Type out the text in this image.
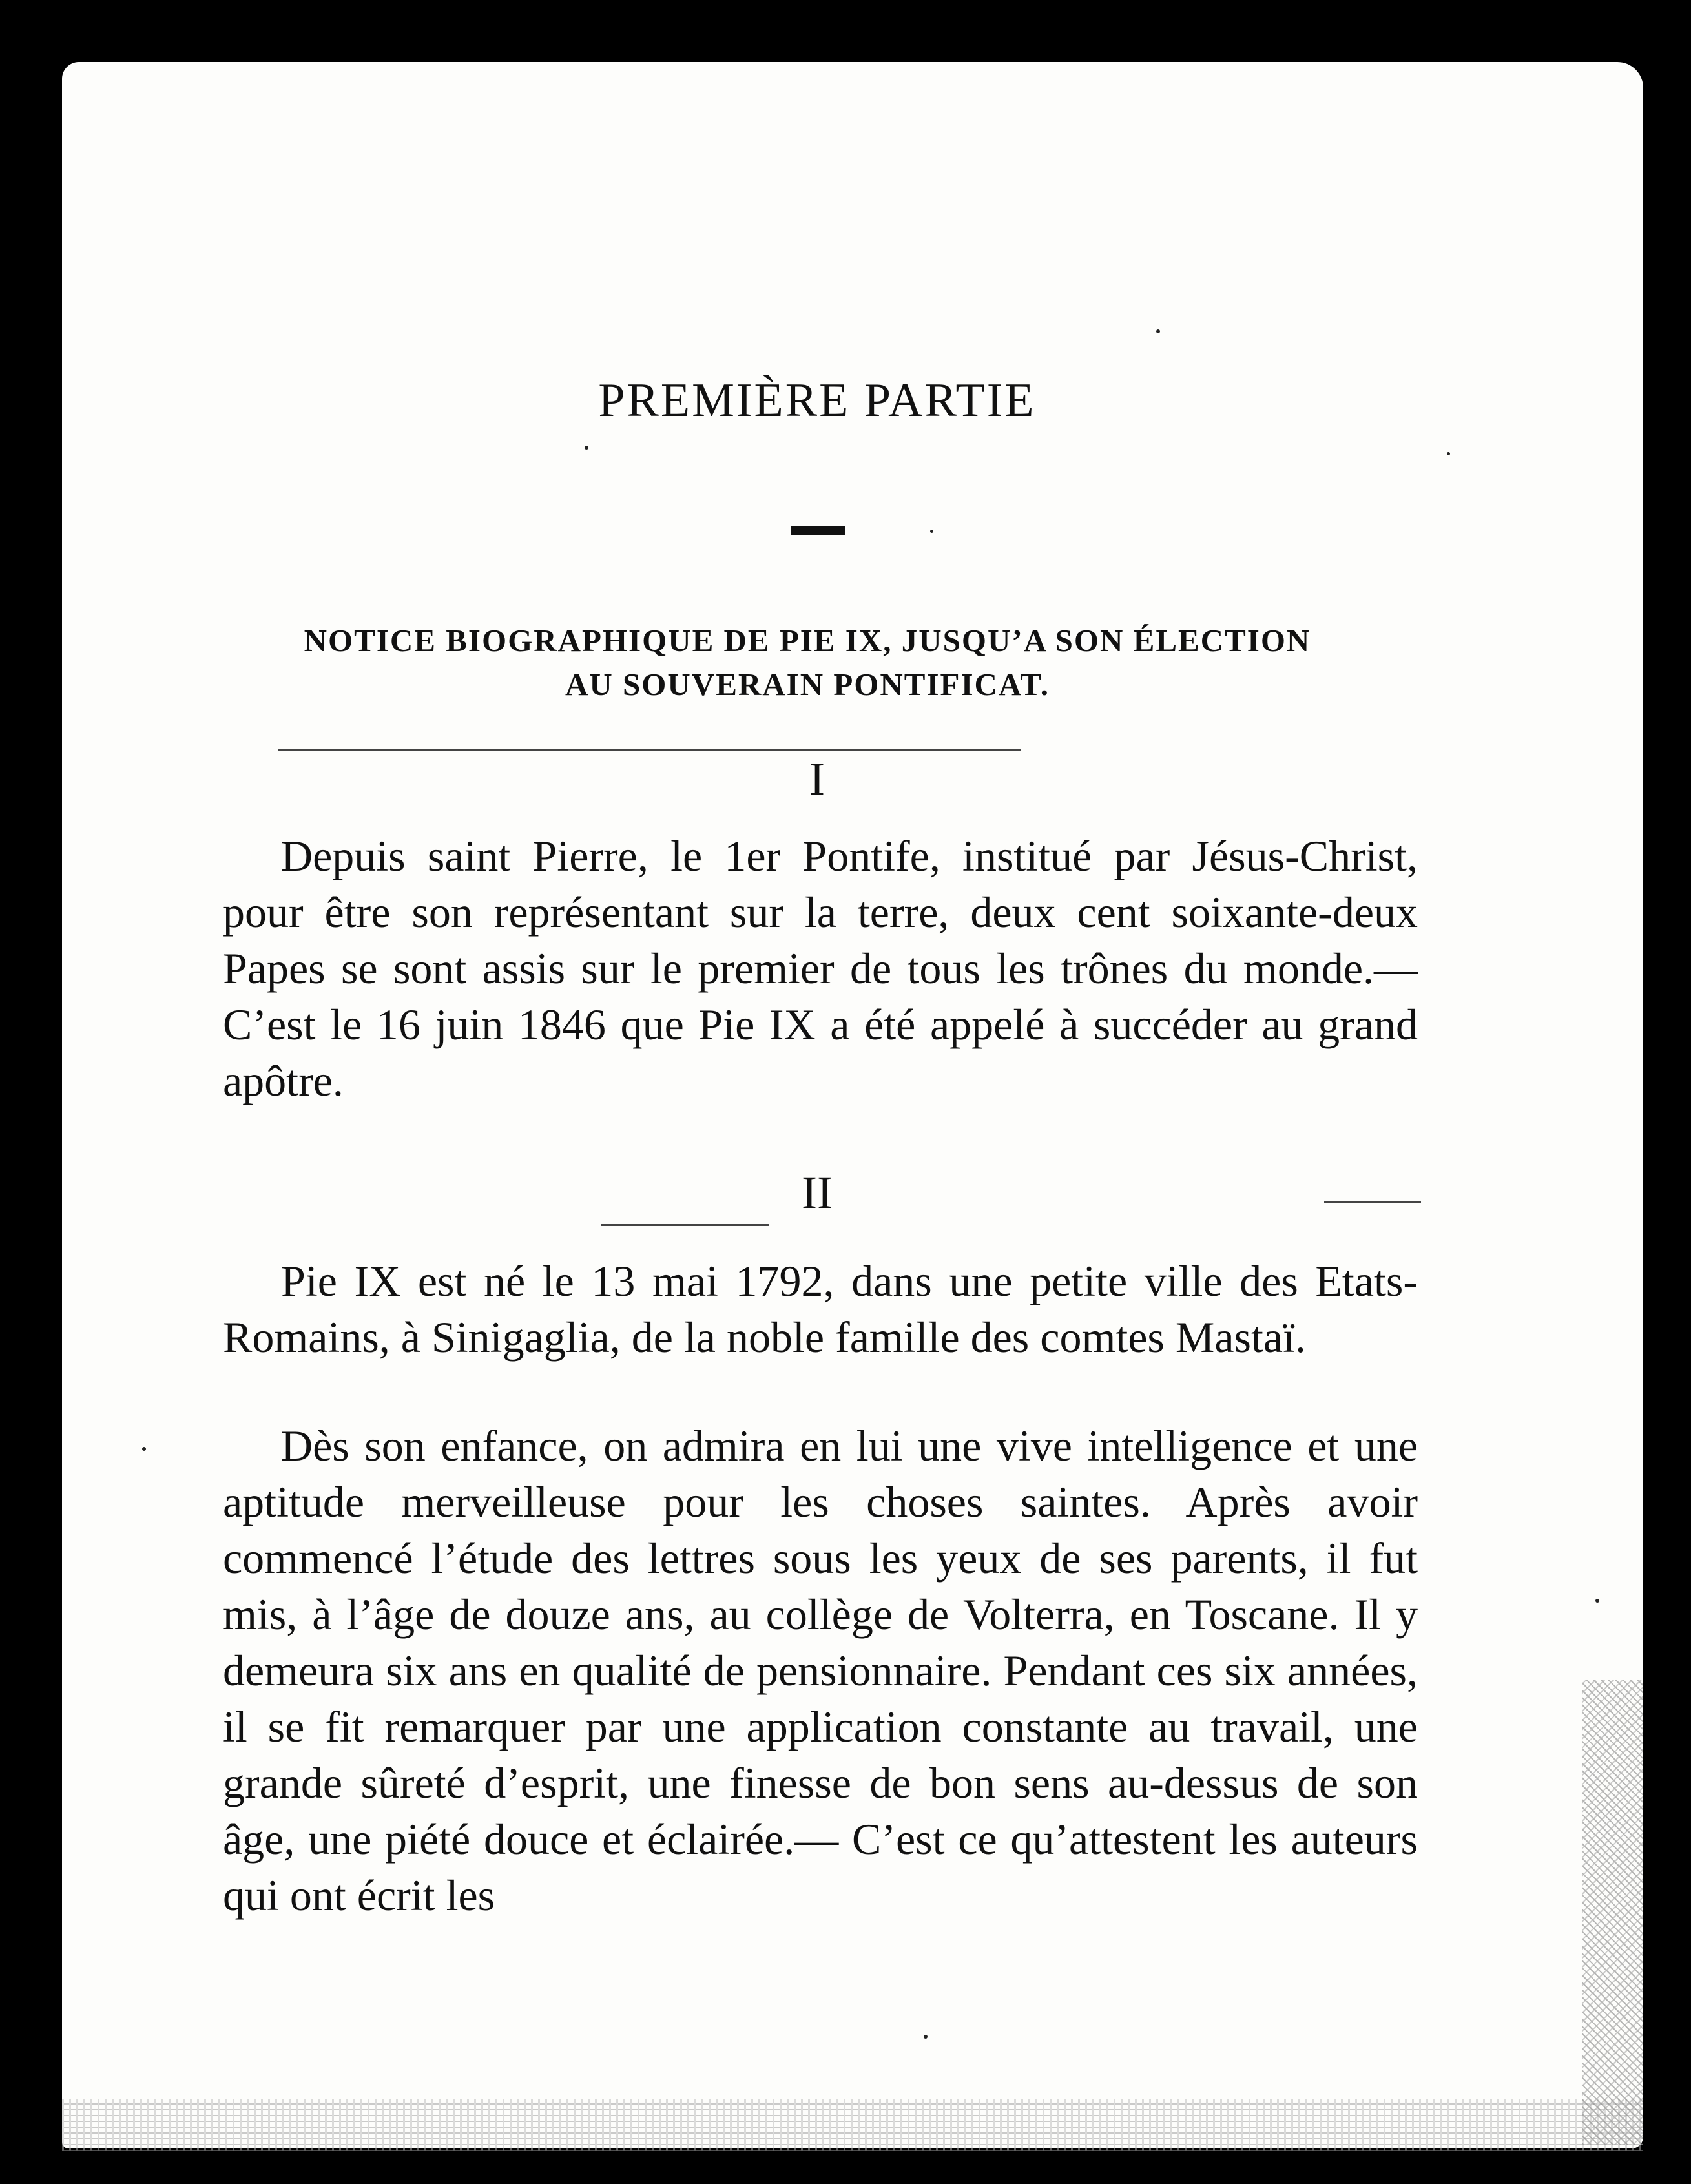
PREMIÈRE PARTIE
NOTICE BIOGRAPHIQUE DE PIE IX, JUSQU’A SON ÉLECTION
AU SOUVERAIN PONTIFICAT.
I

Depuis saint Pierre, le 1er Pontife, institué par Jésus-Christ, pour être son représentant sur la terre, deux cent soixante-deux Papes se sont assis sur le premier de tous les trônes du monde.—C’est le 16 juin 1846 que Pie IX a été appelé à succéder au grand apôtre.

II

Pie IX est né le 13 mai 1792, dans une petite ville des Etats-Romains, à Sinigaglia, de la noble famille des comtes Mastaï.

Dès son enfance, on admira en lui une vive intelligence et une aptitude merveilleuse pour les choses saintes. Après avoir commencé l’étude des lettres sous les yeux de ses parents, il fut mis, à l’âge de douze ans, au collège de Volterra, en Toscane. Il y demeura six ans en qualité de pensionnaire. Pendant ces six années, il se fit remarquer par une application constante au travail, une grande sûreté d’esprit, une finesse de bon sens au-dessus de son âge, une piété douce et éclairée.— C’est ce qu’attestent les auteurs qui ont écrit les
